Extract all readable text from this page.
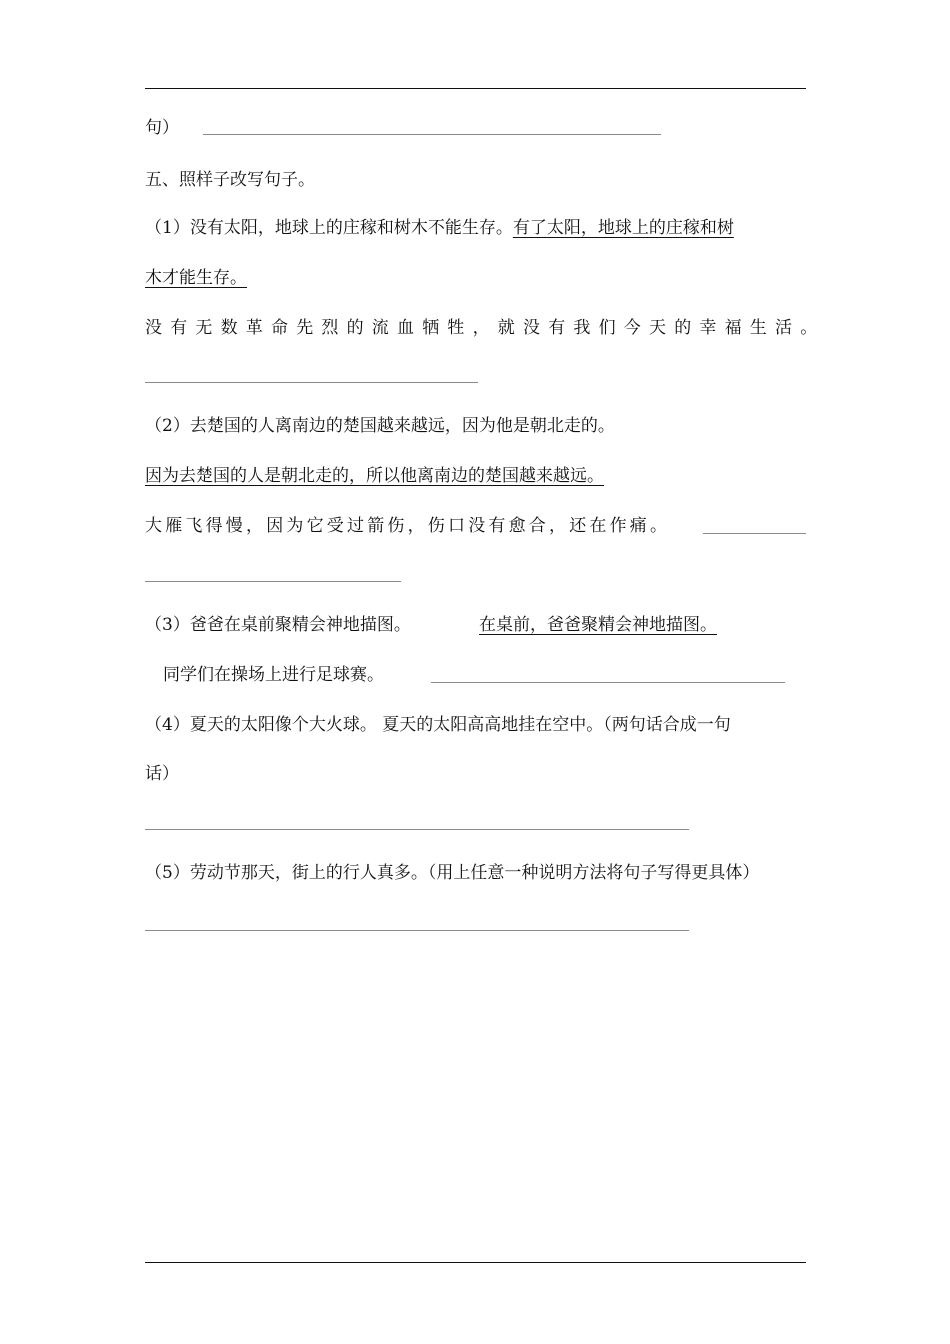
句）
五、照样子改写句子。
（1）没有太阳，地球上的庄稼和树木不能生存。有了太阳，地球上的庄稼和树
木才能生存。
没有无数革命先烈的流血牺牲，就没有我们今天的幸福生活。
（2）去楚国的人离南边的楚国越来越远，因为他是朝北走的。
因为去楚国的人是朝北走的，所以他离南边的楚国越来越远。
大雁飞得慢，因为它受过箭伤，伤口没有愈合，还在作痛。
（3）爸爸在桌前聚精会神地描图。	在桌前，爸爸聚精会神地描图。
同学们在操场上进行足球赛。
（4）夏天的太阳像个大火球。 夏天的太阳高高地挂在空中。（两句话合成一句
话）
（5）劳动节那天，街上的行人真多。（用上任意一种说明方法将句子写得更具体）
